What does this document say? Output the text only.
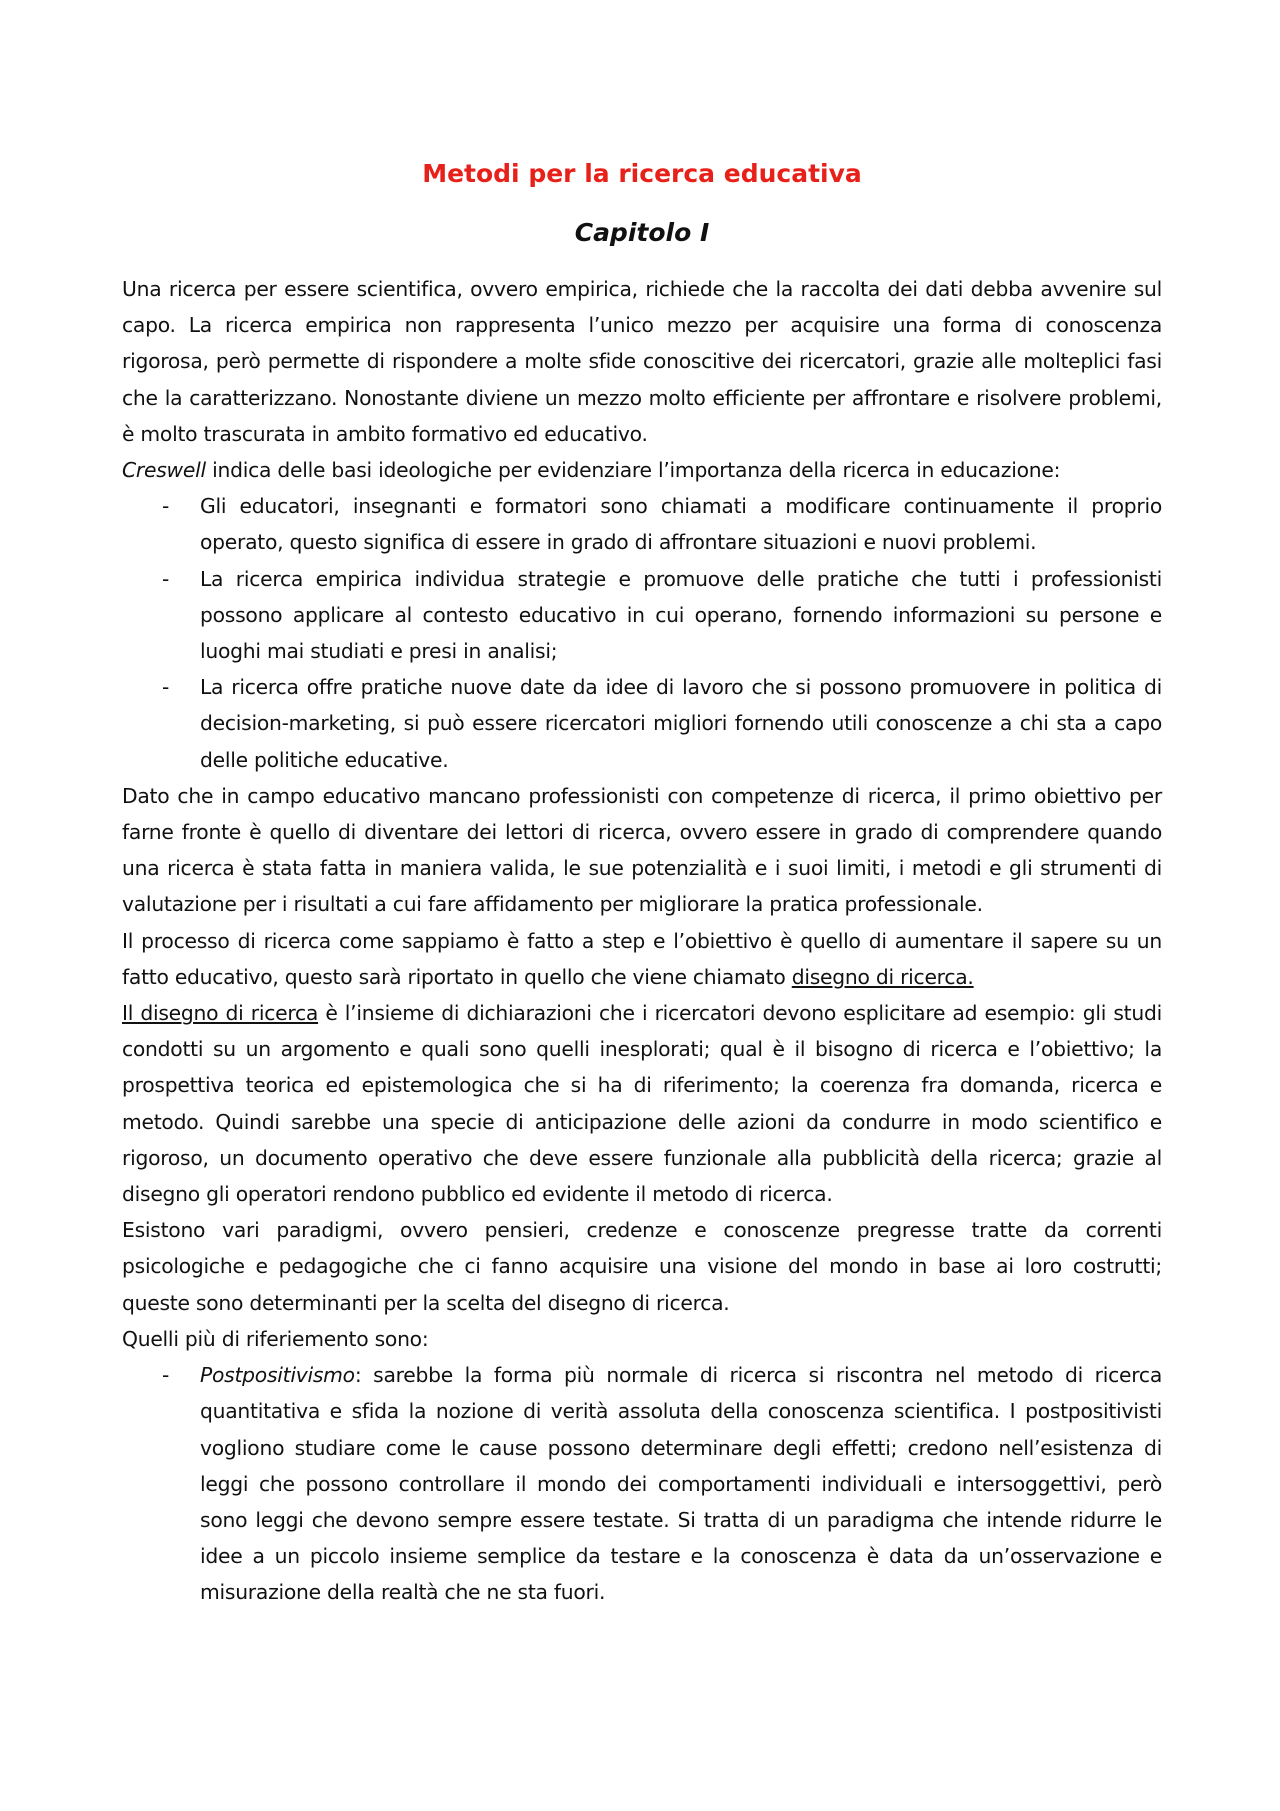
Metodi per la ricerca educativa
Capitolo I

Una ricerca per essere scientifica, ovvero empirica, richiede che la raccolta dei dati debba avvenire sul capo. La ricerca empirica non rappresenta l’unico mezzo per acquisire una forma di conoscenza rigorosa, però permette di rispondere a molte sfide conoscitive dei ricercatori, grazie alle molteplici fasi che la caratterizzano. Nonostante diviene un mezzo molto efficiente per affrontare e risolvere problemi, è molto trascurata in ambito formativo ed educativo.

Creswell indica delle basi ideologiche per evidenziare l’importanza della ricerca in educazione:

- Gli educatori, insegnanti e formatori sono chiamati a modificare continuamente il proprio operato, questo significa di essere in grado di affrontare situazioni e nuovi problemi.
- La ricerca empirica individua strategie e promuove delle pratiche che tutti i professionisti possono applicare al contesto educativo in cui operano, fornendo informazioni su persone e luoghi mai studiati e presi in analisi;
- La ricerca offre pratiche nuove date da idee di lavoro che si possono promuovere in politica di decision-marketing, si può essere ricercatori migliori fornendo utili conoscenze a chi sta a capo delle politiche educative.

Dato che in campo educativo mancano professionisti con competenze di ricerca, il primo obiettivo per farne fronte è quello di diventare dei lettori di ricerca, ovvero essere in grado di comprendere quando una ricerca è stata fatta in maniera valida, le sue potenzialità e i suoi limiti, i metodi e gli strumenti di valutazione per i risultati a cui fare affidamento per migliorare la pratica professionale.

Il processo di ricerca come sappiamo è fatto a step e l’obiettivo è quello di aumentare il sapere su un fatto educativo, questo sarà riportato in quello che viene chiamato disegno di ricerca.

Il disegno di ricerca è l’insieme di dichiarazioni che i ricercatori devono esplicitare ad esempio: gli studi condotti su un argomento e quali sono quelli inesplorati; qual è il bisogno di ricerca e l’obiettivo; la prospettiva teorica ed epistemologica che si ha di riferimento; la coerenza fra domanda, ricerca e metodo. Quindi sarebbe una specie di anticipazione delle azioni da condurre in modo scientifico e rigoroso, un documento operativo che deve essere funzionale alla pubblicità della ricerca; grazie al disegno gli operatori rendono pubblico ed evidente il metodo di ricerca.

Esistono vari paradigmi, ovvero pensieri, credenze e conoscenze pregresse tratte da correnti psicologiche e pedagogiche che ci fanno acquisire una visione del mondo in base ai loro costrutti; queste sono determinanti per la scelta del disegno di ricerca.

Quelli più di riferiemento sono:

- Postpositivismo: sarebbe la forma più normale di ricerca si riscontra nel metodo di ricerca quantitativa e sfida la nozione di verità assoluta della conoscenza scientifica. I postpositivisti vogliono studiare come le cause possono determinare degli effetti; credono nell’esistenza di leggi che possono controllare il mondo dei comportamenti individuali e intersoggettivi, però sono leggi che devono sempre essere testate. Si tratta di un paradigma che intende ridurre le idee a un piccolo insieme semplice da testare e la conoscenza è data da un’osservazione e misurazione della realtà che ne sta fuori.
